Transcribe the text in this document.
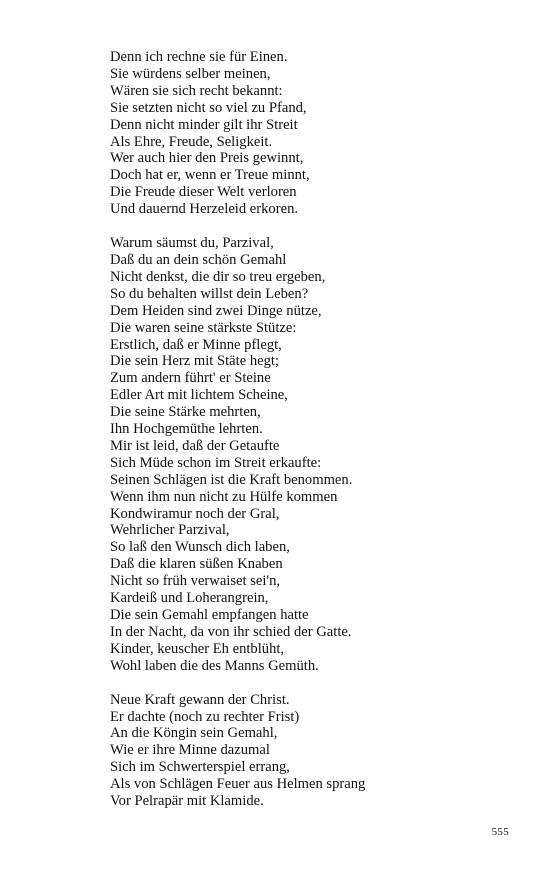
Denn ich rechne sie für Einen.
Sie würdens selber meinen,
Wären sie sich recht bekannt:
Sie setzten nicht so viel zu Pfand,
Denn nicht minder gilt ihr Streit
Als Ehre, Freude, Seligkeit.
Wer auch hier den Preis gewinnt,
Doch hat er, wenn er Treue minnt,
Die Freude dieser Welt verloren
Und dauernd Herzeleid erkoren.
Warum säumst du, Parzival,
Daß du an dein schön Gemahl
Nicht denkst, die dir so treu ergeben,
So du behalten willst dein Leben?
Dem Heiden sind zwei Dinge nütze,
Die waren seine stärkste Stütze:
Erstlich, daß er Minne pflegt,
Die sein Herz mit Stäte hegt;
Zum andern führt' er Steine
Edler Art mit lichtem Scheine,
Die seine Stärke mehrten,
Ihn Hochgemüthe lehrten.
Mir ist leid, daß der Getaufte
Sich Müde schon im Streit erkaufte:
Seinen Schlägen ist die Kraft benommen.
Wenn ihm nun nicht zu Hülfe kommen
Kondwiramur noch der Gral,
Wehrlicher Parzival,
So laß den Wunsch dich laben,
Daß die klaren süßen Knaben
Nicht so früh verwaiset sei'n,
Kardeiß und Loherangrein,
Die sein Gemahl empfangen hatte
In der Nacht, da von ihr schied der Gatte.
Kinder, keuscher Eh entblüht,
Wohl laben die des Manns Gemüth.
Neue Kraft gewann der Christ.
Er dachte (noch zu rechter Frist)
An die Köngin sein Gemahl,
Wie er ihre Minne dazumal
Sich im Schwerterspiel errang,
Als von Schlägen Feuer aus Helmen sprang
Vor Pelrapär mit Klamide.
555
